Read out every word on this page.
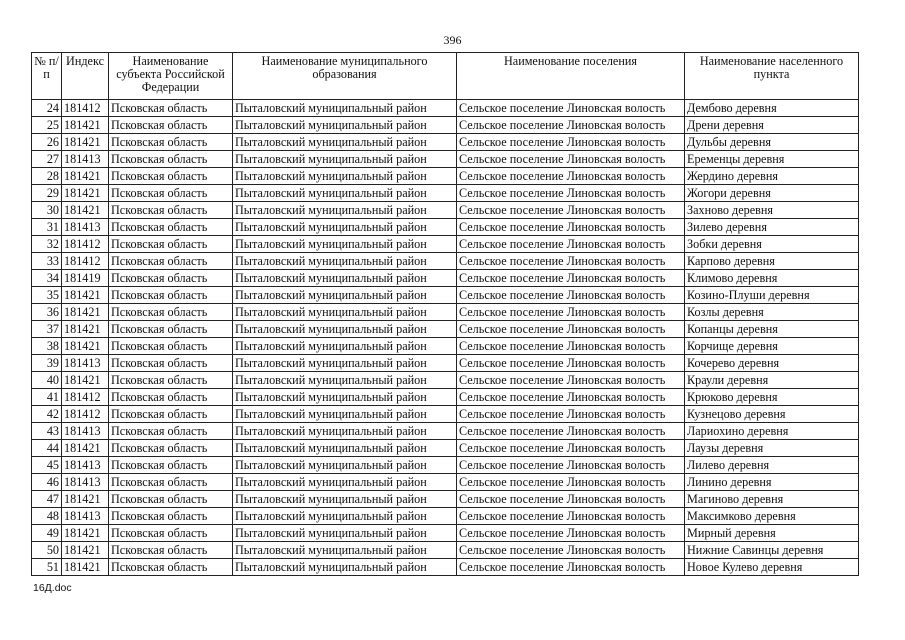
396
№ п/п	Индекс	Наименование субъекта Российской Федерации	Наименование муниципального образования	Наименование поселения	Наименование населенного пункта
24	181412	Псковская область	Пыталовский муниципальный район	Сельское поселение Линовская волость	Дембово деревня
25	181421	Псковская область	Пыталовский муниципальный район	Сельское поселение Линовская волость	Дрени деревня
26	181421	Псковская область	Пыталовский муниципальный район	Сельское поселение Линовская волость	Дульбы деревня
27	181413	Псковская область	Пыталовский муниципальный район	Сельское поселение Линовская волость	Еременцы деревня
28	181421	Псковская область	Пыталовский муниципальный район	Сельское поселение Линовская волость	Жердино деревня
29	181421	Псковская область	Пыталовский муниципальный район	Сельское поселение Линовская волость	Жогори деревня
30	181421	Псковская область	Пыталовский муниципальный район	Сельское поселение Линовская волость	Захново деревня
31	181413	Псковская область	Пыталовский муниципальный район	Сельское поселение Линовская волость	Зилево деревня
32	181412	Псковская область	Пыталовский муниципальный район	Сельское поселение Линовская волость	Зобки деревня
33	181412	Псковская область	Пыталовский муниципальный район	Сельское поселение Линовская волость	Карпово деревня
34	181419	Псковская область	Пыталовский муниципальный район	Сельское поселение Линовская волость	Климово деревня
35	181421	Псковская область	Пыталовский муниципальный район	Сельское поселение Линовская волость	Козино-Плуши деревня
36	181421	Псковская область	Пыталовский муниципальный район	Сельское поселение Линовская волость	Козлы деревня
37	181421	Псковская область	Пыталовский муниципальный район	Сельское поселение Линовская волость	Копанцы деревня
38	181421	Псковская область	Пыталовский муниципальный район	Сельское поселение Линовская волость	Корчище деревня
39	181413	Псковская область	Пыталовский муниципальный район	Сельское поселение Линовская волость	Кочерево деревня
40	181421	Псковская область	Пыталовский муниципальный район	Сельское поселение Линовская волость	Краули деревня
41	181412	Псковская область	Пыталовский муниципальный район	Сельское поселение Линовская волость	Крюково деревня
42	181412	Псковская область	Пыталовский муниципальный район	Сельское поселение Линовская волость	Кузнецово деревня
43	181413	Псковская область	Пыталовский муниципальный район	Сельское поселение Линовская волость	Лариохино деревня
44	181421	Псковская область	Пыталовский муниципальный район	Сельское поселение Линовская волость	Лаузы деревня
45	181413	Псковская область	Пыталовский муниципальный район	Сельское поселение Линовская волость	Лилево деревня
46	181413	Псковская область	Пыталовский муниципальный район	Сельское поселение Линовская волость	Линино деревня
47	181421	Псковская область	Пыталовский муниципальный район	Сельское поселение Линовская волость	Магиново деревня
48	181413	Псковская область	Пыталовский муниципальный район	Сельское поселение Линовская волость	Максимково деревня
49	181421	Псковская область	Пыталовский муниципальный район	Сельское поселение Линовская волость	Мирный деревня
50	181421	Псковская область	Пыталовский муниципальный район	Сельское поселение Линовская волость	Нижние Савинцы деревня
51	181421	Псковская область	Пыталовский муниципальный район	Сельское поселение Линовская волость	Новое Кулево деревня
16Д.doc
